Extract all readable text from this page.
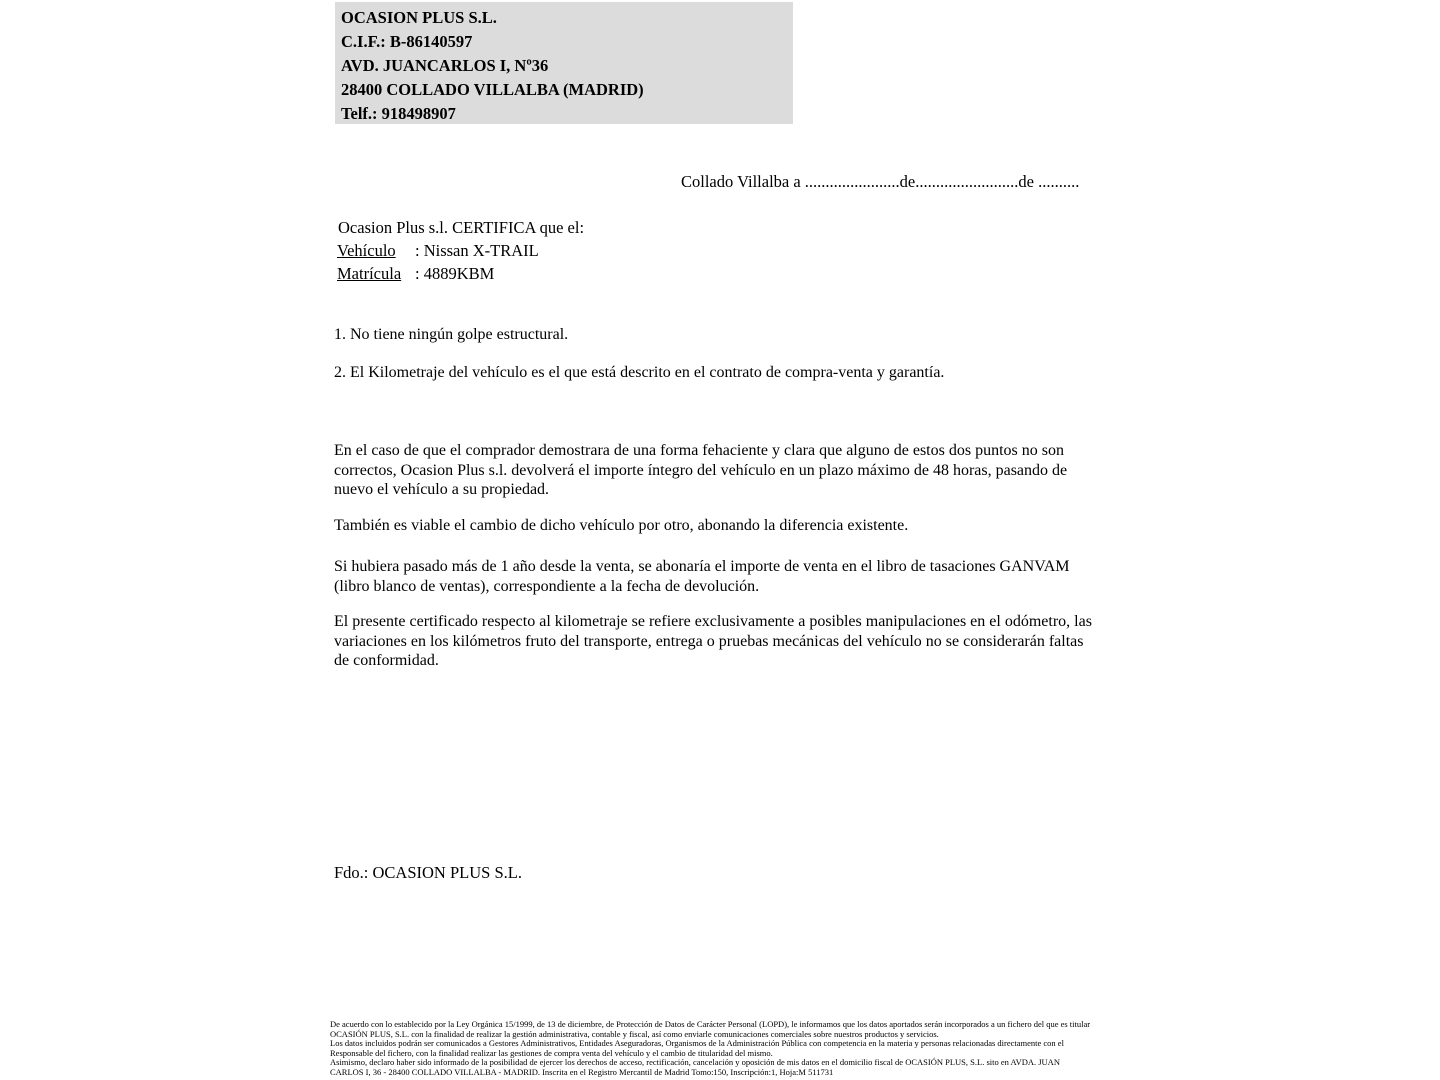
OCASION PLUS S.L.
C.I.F.: B-86140597
AVD. JUANCARLOS I, Nº36
28400 COLLADO VILLALBA (MADRID)
Telf.: 918498907
Collado Villalba a .......................de.........................de ..........
Ocasion Plus s.l. CERTIFICA que el:
Vehículo : Nissan X-TRAIL
Matrícula : 4889KBM
1. No tiene ningún golpe estructural.
2. El Kilometraje del vehículo es el que está descrito en el contrato de compra-venta y garantía.
En el caso de que el comprador demostrara de una forma fehaciente y clara que alguno de estos dos puntos no son correctos, Ocasion Plus s.l. devolverá el importe íntegro del vehículo en un plazo máximo de 48 horas, pasando de nuevo el vehículo a su propiedad.
También es viable el cambio de dicho vehículo por otro, abonando la diferencia existente.
Si hubiera pasado más de 1 año desde la venta, se abonaría el importe de venta en el libro de tasaciones GANVAM (libro blanco de ventas), correspondiente a la fecha de devolución.
El presente certificado respecto al kilometraje se refiere exclusivamente a posibles manipulaciones en el odómetro, las variaciones en los kilómetros fruto del transporte, entrega o pruebas mecánicas del vehículo no se considerarán faltas de conformidad.
Fdo.: OCASION PLUS S.L.
De acuerdo con lo establecido por la Ley Orgánica 15/1999, de 13 de diciembre, de Protección de Datos de Carácter Personal (LOPD), le informamos que los datos aportados serán incorporados a un fichero del que es titular
OCASIÓN PLUS, S.L. con la finalidad de realizar la gestión administrativa, contable y fiscal, así como enviarle comunicaciones comerciales sobre nuestros productos y servicios.
Los datos incluidos podrán ser comunicados a Gestores Administrativos, Entidades Aseguradoras, Organismos de la Administración Pública con competencia en la materia y personas relacionadas directamente con el
Responsable del fichero, con la finalidad realizar las gestiones de compra venta del vehículo y el cambio de titularidad del mismo.
Asimismo, declaro haber sido informado de la posibilidad de ejercer los derechos de acceso, rectificación, cancelación y oposición de mis datos en el domicilio fiscal de OCASIÓN PLUS, S.L. sito en AVDA. JUAN
CARLOS I, 36 - 28400 COLLADO VILLALBA - MADRID. Inscrita en el Registro Mercantil de Madrid Tomo:150, Inscripción:1, Hoja:M 511731
